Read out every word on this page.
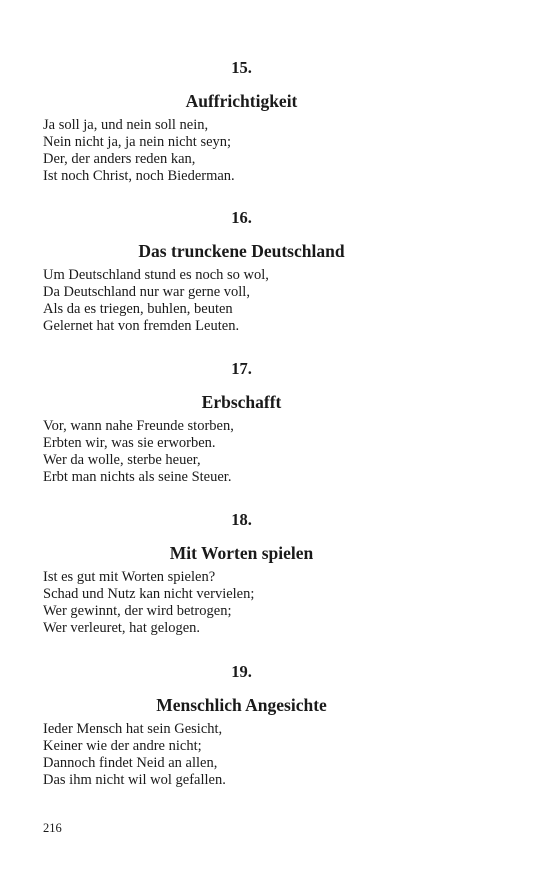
15.
Auffrichtigkeit
Ja soll ja, und nein soll nein,
Nein nicht ja, ja nein nicht seyn;
Der, der anders reden kan,
Ist noch Christ, noch Biederman.
16.
Das trunckene Deutschland
Um Deutschland stund es noch so wol,
Da Deutschland nur war gerne voll,
Als da es triegen, buhlen, beuten
Gelernet hat von fremden Leuten.
17.
Erbschafft
Vor, wann nahe Freunde storben,
Erbten wir, was sie erworben.
Wer da wolle, sterbe heuer,
Erbt man nichts als seine Steuer.
18.
Mit Worten spielen
Ist es gut mit Worten spielen?
Schad und Nutz kan nicht vervielen;
Wer gewinnt, der wird betrogen;
Wer verleuret, hat gelogen.
19.
Menschlich Angesichte
Ieder Mensch hat sein Gesicht,
Keiner wie der andre nicht;
Dannoch findet Neid an allen,
Das ihm nicht wil wol gefallen.
216
